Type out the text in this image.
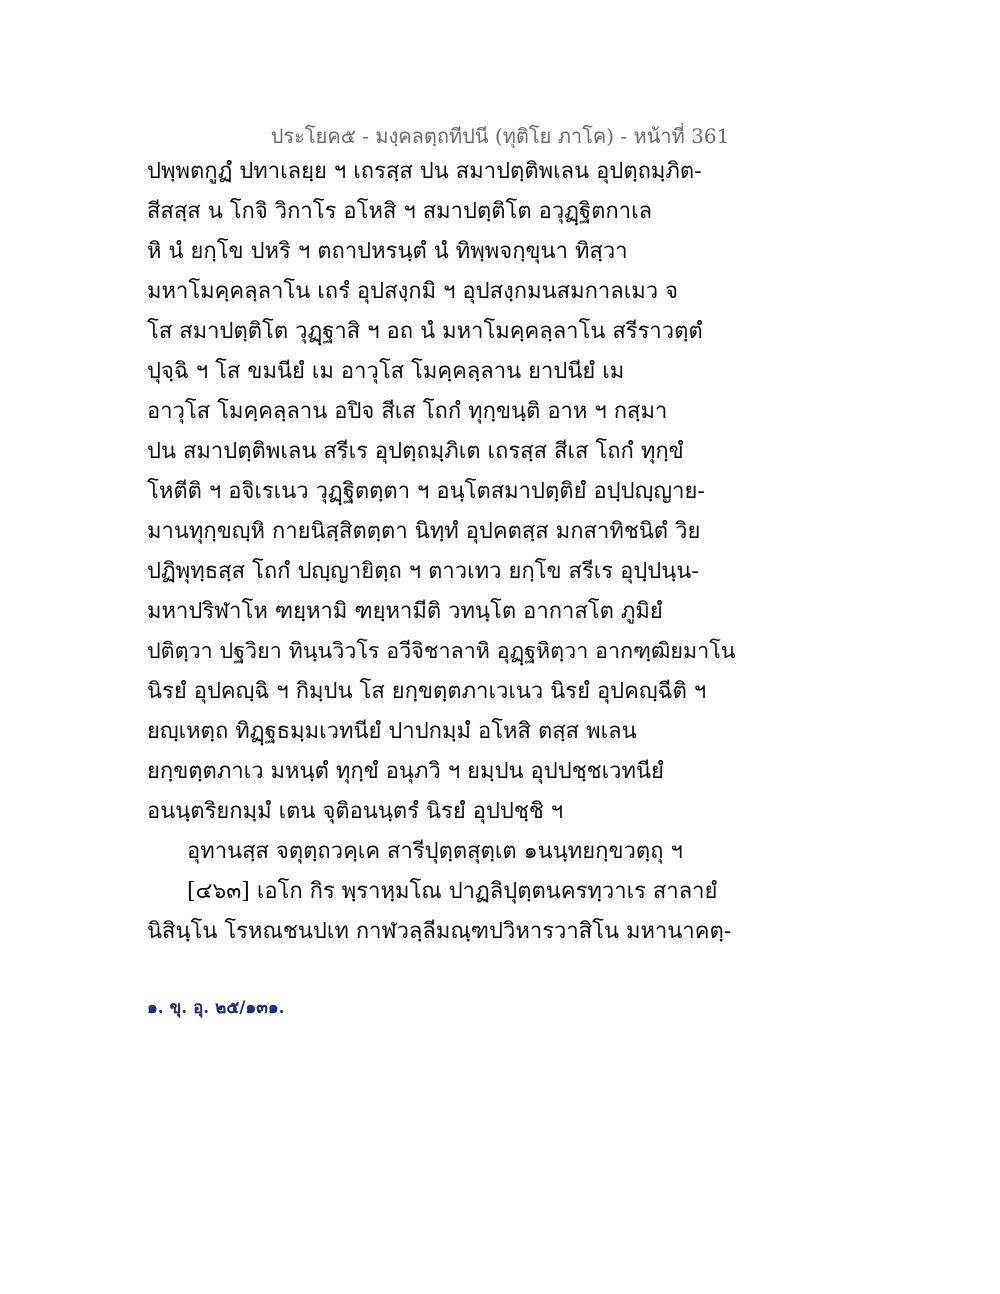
ประโยค๕ - มงฺคลตฺถทีปนี (ทุติโย ภาโค) - หน้าที่ 361
ปพฺพตกูฏํ ปทาเลยฺย ฯ เถรสฺส ปน สมาปตฺติพเลน อุปตฺถมฺภิต-
สีสสฺส น โกจิ วิกาโร อโหสิ ฯ สมาปตฺติโต อวุฏฺฐิตกาเล
หิ นํ ยกฺโข ปหริ ฯ ตถาปหรนฺตํ นํ ทิพฺพจกฺขุนา ทิสฺวา
มหาโมคฺคลฺลาโน เถรํ อุปสงฺกมิ ฯ อุปสงฺกมนสมกาลเมว จ
โส สมาปตฺติโต วุฏฺฐาสิ ฯ อถ นํ มหาโมคฺคลฺลาโน สรีราวตฺตํ
ปุจฺฉิ ฯ โส ขมนียํ เม อาวุโส โมคฺคลฺลาน ยาปนียํ เม
อาวุโส โมคฺคลฺลาน อปิจ สีเส โถกํ ทุกฺขนฺติ อาห ฯ กสฺมา
ปน สมาปตฺติพเลน สรีเร อุปตฺถมฺภิเต เถรสฺส สีเส โถกํ ทุกฺขํ
โหตีติ ฯ อจิเรเนว วุฏฺฐิตตฺตา ฯ อนฺโตสมาปตฺติยํ อปฺปญฺญาย-
มานทุกฺขญฺหิ กายนิสฺสิตตฺตา นิทฺทํ อุปคตสฺส มกสาทิชนิตํ วิย
ปฏิพุทฺธสฺส โถกํ ปญฺญายิตฺถ ฯ ตาวเทว ยกฺโข สรีเร อุปฺปนฺน-
มหาปริฬาโห ฑยฺหามิ ฑยฺหามีติ วทนฺโต อากาสโต ภูมิยํ
ปติตฺวา ปฐวิยา ทินฺนวิวโร อวีจิชาลาหิ อุฏฺฐหิตฺวา อากฑฺฒิยมาโน
นิรยํ อุปคญฺฉิ ฯ กิมฺปน โส ยกฺขตฺตภาเวเนว นิรยํ อุปคญฺฉีติ ฯ
ยญฺเหตฺถ ทิฏฺฐธมฺมเวทนียํ ปาปกมฺมํ อโหสิ ตสฺส พเลน
ยกฺขตฺตภาเว มหนฺตํ ทุกฺขํ อนุภวิ ฯ ยมฺปน อุปปชฺชเวทนียํ
อนนฺตริยกมฺมํ เตน จุติอนนฺตรํ นิรยํ อุปปชฺชิ ฯ
อุทานสฺส จตุตฺถวคฺเค สารีปุตฺตสุตฺเต ๑นนฺทยกฺขวตฺถุ ฯ
[๔๖๓] เอโก กิร พฺราหฺมโณ ปาฏลิปุตฺตนครทฺวาเร สาลายํ
นิสินฺโน โรหณชนปเท กาฬวลฺลีมณฺฑปวิหารวาสิโน มหานาคตฺ-
๑. ขุ. อุ. ๒๕/๑๓๑.
